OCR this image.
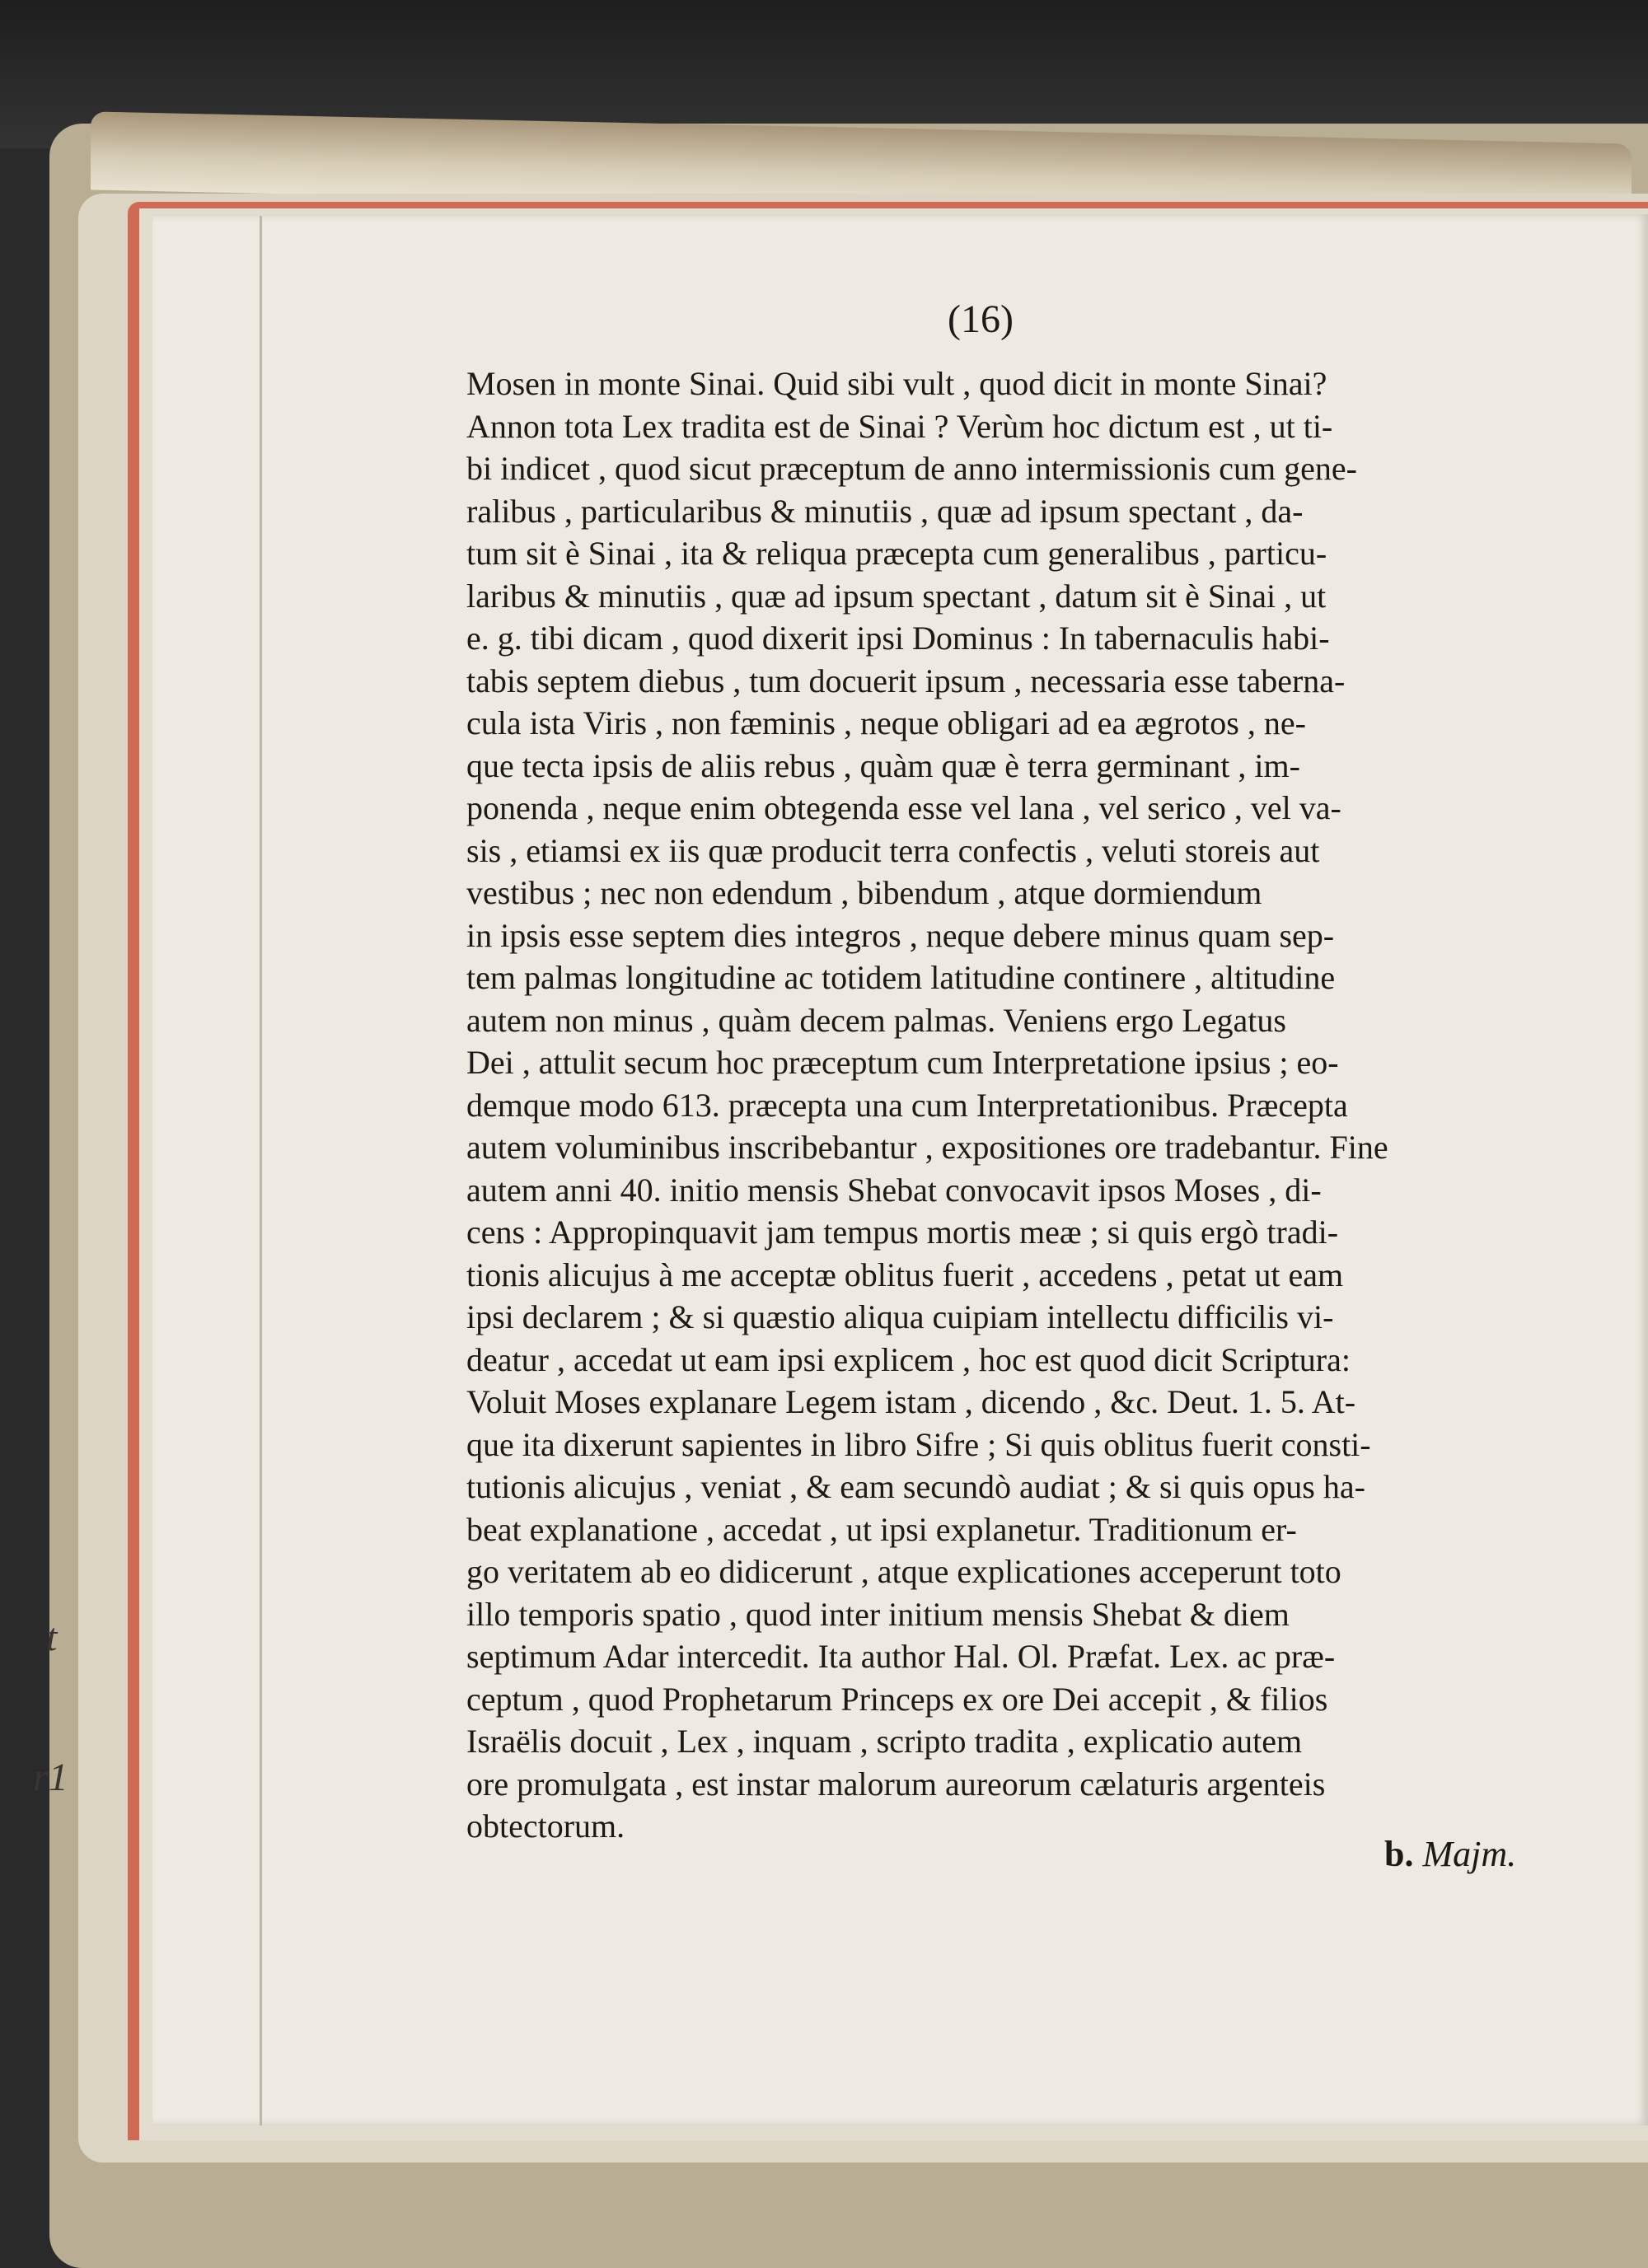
t
r1
(16)
Mosen in monte Sinai. Quid sibi vult , quod dicit in monte Sinai?
Annon tota Lex tradita est de Sinai ? Verùm hoc dictum est , ut ti-
bi indicet , quod sicut præceptum de anno intermissionis cum gene-
ralibus , particularibus & minutiis , quæ ad ipsum spectant , da-
tum sit è Sinai , ita & reliqua præcepta cum generalibus , particu-
laribus & minutiis , quæ ad ipsum spectant , datum sit è Sinai , ut
e. g. tibi dicam , quod dixerit ipsi Dominus : In tabernaculis habi-
tabis septem diebus , tum docuerit ipsum , necessaria esse taberna-
cula ista Viris , non fæminis , neque obligari ad ea ægrotos , ne-
que tecta ipsis de aliis rebus , quàm quæ è terra germinant , im-
ponenda , neque enim obtegenda esse vel lana , vel serico , vel va-
sis , etiamsi ex iis quæ producit terra confectis , veluti storeis aut
vestibus ; nec non edendum , bibendum , atque dormiendum
in ipsis esse septem dies integros , neque debere minus quam sep-
tem palmas longitudine ac totidem latitudine continere , altitudine
autem non minus , quàm decem palmas. Veniens ergo Legatus
Dei , attulit secum hoc præceptum cum Interpretatione ipsius ; eo-
demque modo 613. præcepta una cum Interpretationibus. Præcepta
autem voluminibus inscribebantur , expositiones ore tradebantur. Fine
autem anni 40. initio mensis Shebat convocavit ipsos Moses , di-
cens : Appropinquavit jam tempus mortis meæ ; si quis ergò tradi-
tionis alicujus à me acceptæ oblitus fuerit , accedens , petat ut eam
ipsi declarem ; & si quæstio aliqua cuipiam intellectu difficilis vi-
deatur , accedat ut eam ipsi explicem , hoc est quod dicit Scriptura:
Voluit Moses explanare Legem istam , dicendo , &c. Deut. 1. 5. At-
que ita dixerunt sapientes in libro Sifre ; Si quis oblitus fuerit consti-
tutionis alicujus , veniat , & eam secundò audiat ; & si quis opus ha-
beat explanatione , accedat , ut ipsi explanetur. Traditionum er-
go veritatem ab eo didicerunt , atque explicationes acceperunt toto
illo temporis spatio , quod inter initium mensis Shebat & diem
septimum Adar intercedit. Ita author Hal. Ol. Præfat. Lex. ac præ-
ceptum , quod Prophetarum Princeps ex ore Dei accepit , & filios
Israëlis docuit , Lex , inquam , scripto tradita , explicatio autem
ore promulgata , est instar malorum aureorum cælaturis argenteis
obtectorum.
b. Majm.
